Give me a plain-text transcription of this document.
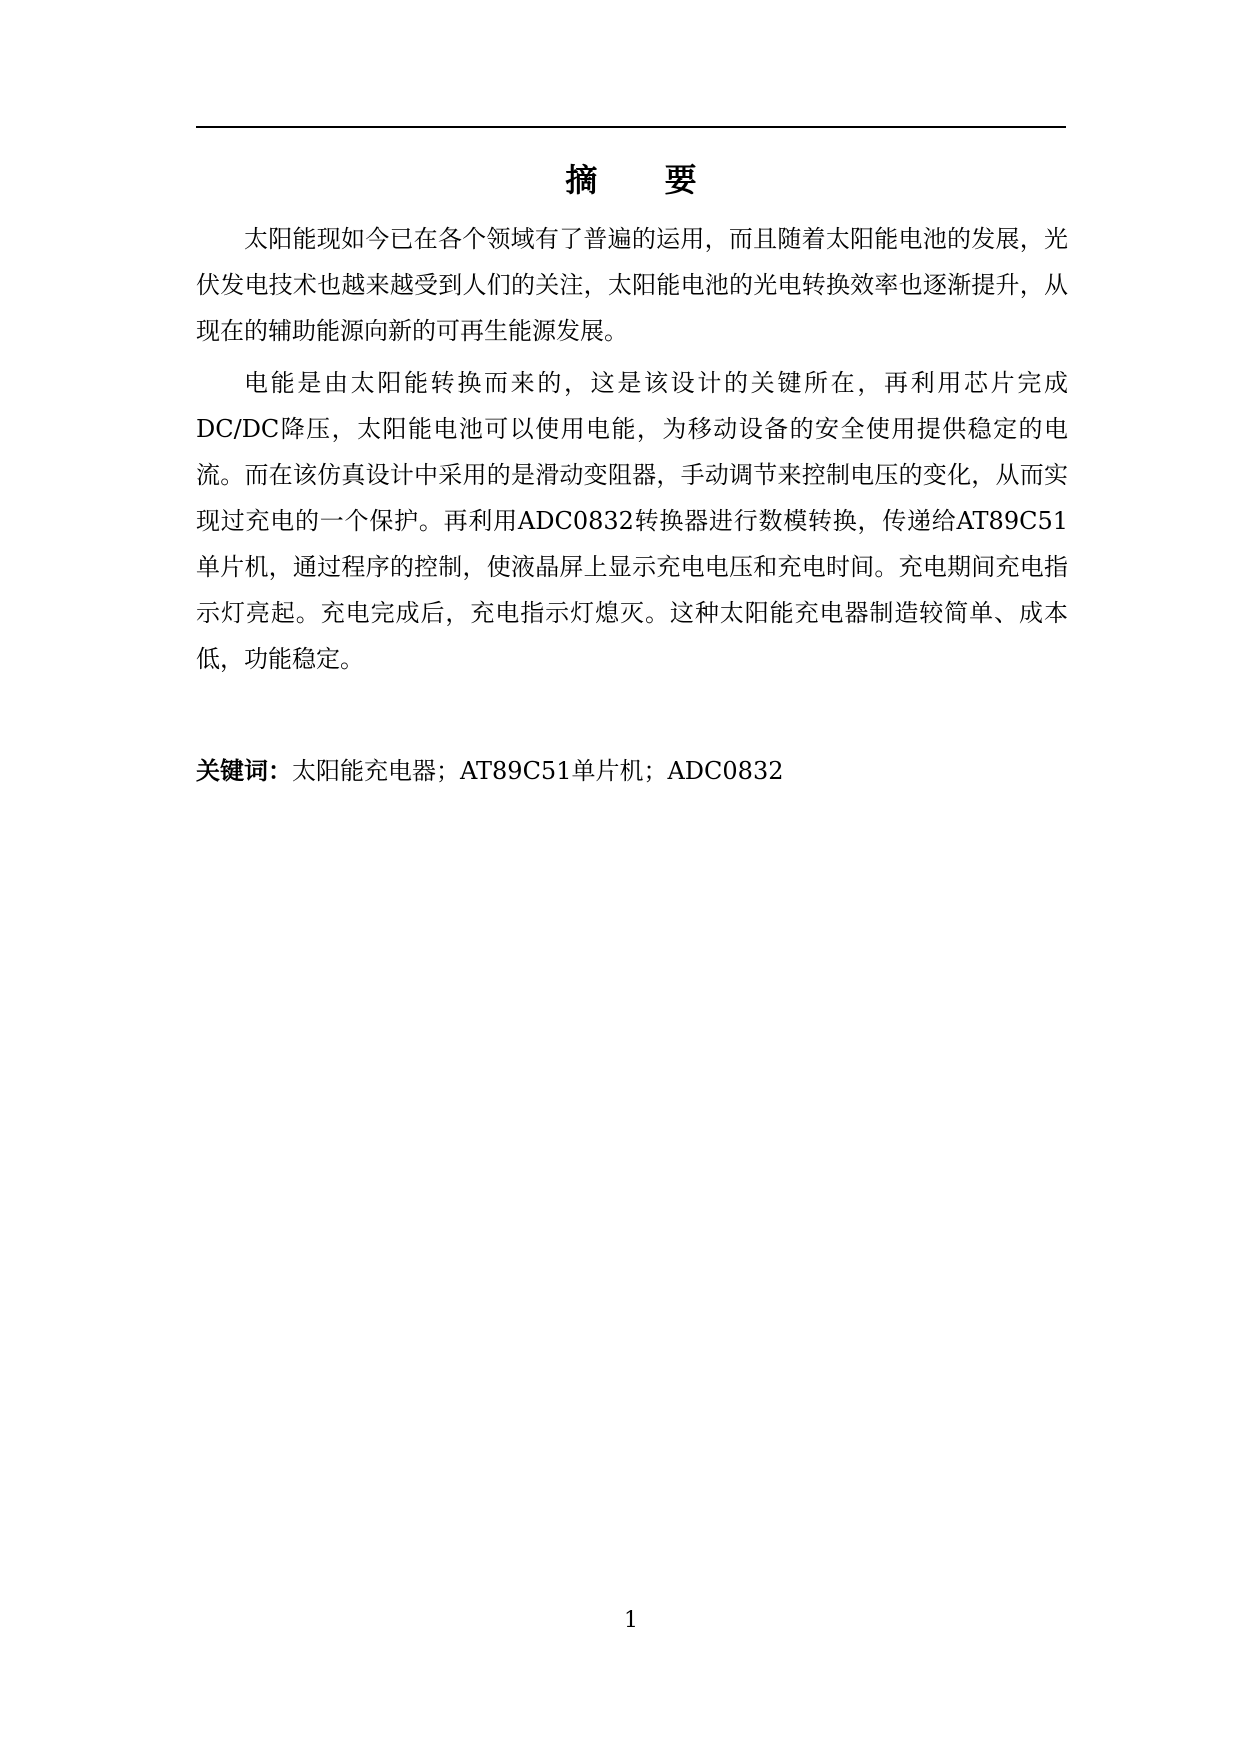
摘 要

太阳能现如今已在各个领域有了普遍的运用，而且随着太阳能电池的发展，光伏发电技术也越来越受到人们的关注，太阳能电池的光电转换效率也逐渐提升，从现在的辅助能源向新的可再生能源发展。

电能是由太阳能转换而来的，这是该设计的关键所在，再利用芯片完成DC/DC降压，太阳能电池可以使用电能，为移动设备的安全使用提供稳定的电流。而在该仿真设计中采用的是滑动变阻器，手动调节来控制电压的变化，从而实现过充电的一个保护。再利用ADC0832转换器进行数模转换，传递给AT89C51单片机，通过程序的控制，使液晶屏上显示充电电压和充电时间。充电期间充电指示灯亮起。充电完成后，充电指示灯熄灭。这种太阳能充电器制造较简单、成本低，功能稳定。

关键词：太阳能充电器；AT89C51单片机；ADC0832
1
